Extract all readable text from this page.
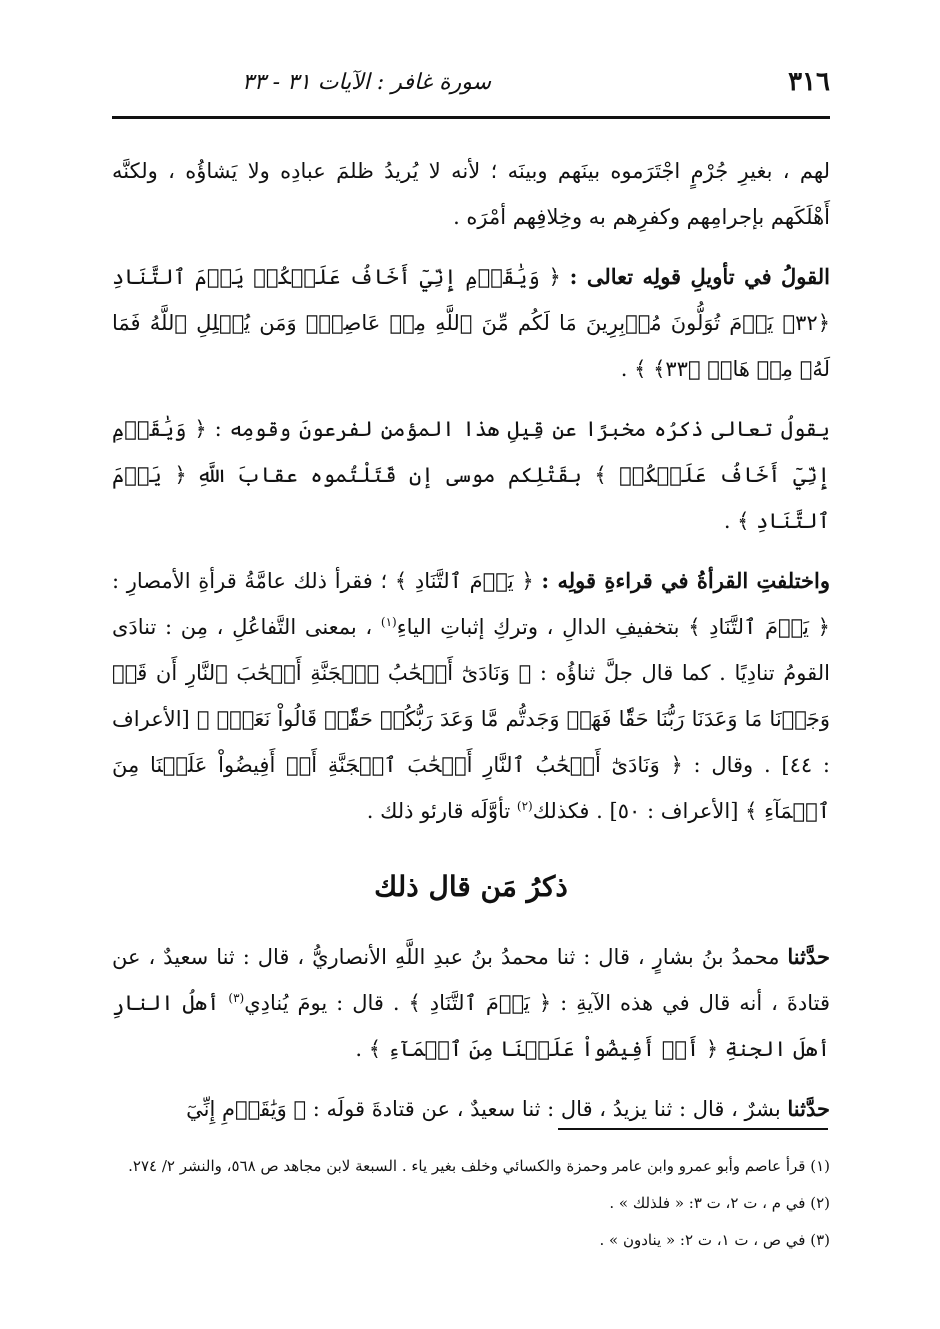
٣١٦
سورة غافر : الآيات ٣١ - ٣٣

لهم ، بغيرِ جُرْمٍ اجْتَرَموه بينَهم وبينَه ؛ لأنه لا يُريدُ ظلمَ عبادِه ولا يَشاؤُه ، ولكنَّه أَهْلَكَهم بإجرامِهم وكفرِهم به وخِلافِهم أمْرَه .

القولُ في تأويلِ قولِه تعالى : ﴿ وَيَٰقَوۡمِ إِنِّيٓ أَخَافُ عَلَيۡكُمۡ يَوۡمَ ٱلتَّنَادِ ﴿٣٢﴾ يَوۡمَ تُوَلُّونَ مُدۡبِرِينَ مَا لَكُم مِّنَ ٱللَّهِ مِنۡ عَاصِمٖۗ وَمَن يُضۡلِلِ ٱللَّهُ فَمَا لَهُۥ مِنۡ هَادٖ ﴿٣٣﴾ ﴾ .

يقولُ تعالى ذكرُه مخبرًا عن قِيلِ هذا المؤمنِ لفرعونَ وقومِه : ﴿ وَيَٰقَوۡمِ إِنِّيٓ أَخَافُ عَلَيۡكُمۡ ﴾ بقَتْلِكم موسى إن قَتَلْتُموه عقابَ اللَّهِ ﴿ يَوۡمَ ٱلتَّنَادِ ﴾ .

واختلفتِ القرأةُ في قراءةِ قولِه : ﴿ يَوۡمَ ٱلتَّنَادِ ﴾ ؛ فقرأ ذلك عامَّةُ قرأةِ الأمصارِ : ﴿ يَوۡمَ ٱلتَّنَادِ ﴾ بتخفيفِ الدالِ ، وتركِ إثباتِ الياءِ$^{(١)}$ ، بمعنى التَّفاعُلِ ، مِن : تنادَى القومُ تنادِيًا . كما قال جلَّ ثناؤُه : ﴿ وَنَادَىٰٓ أَصۡحَٰبُ ٱلۡجَنَّةِ أَصۡحَٰبَ ٱلنَّارِ أَن قَدۡ وَجَدۡنَا مَا وَعَدَنَا رَبُّنَا حَقّٗا فَهَلۡ وَجَدتُّم مَّا وَعَدَ رَبُّكُمۡ حَقّٗاۖ قَالُواْ نَعَمۡۚ ﴾ [الأعراف : ٤٤] . وقال : ﴿ وَنَادَىٰٓ أَصۡحَٰبُ ٱلنَّارِ أَصۡحَٰبَ ٱلۡجَنَّةِ أَنۡ أَفِيضُواْ عَلَيۡنَا مِنَ ٱلۡمَآءِ ﴾ [الأعراف : ٥٠] . فكذلك$^{(٢)}$ تأوَّلَه قارئو ذلك .

ذكرُ مَن قال ذلك

حدَّثنا محمدُ بنُ بشارٍ ، قال : ثنا محمدُ بنُ عبدِ اللَّهِ الأنصاريُّ ، قال : ثنا سعيدٌ ، عن قتادةَ ، أنه قال في هذه الآيةِ : ﴿ يَوۡمَ ٱلتَّنَادِ ﴾ . قال : يومَ يُنادِي$^{(٣)}$ أهلُ النارِ أهلَ الجنةِ ﴿ أَنۡ أَفِيضُواْ عَلَيۡنَا مِنَ ٱلۡمَآءِ ﴾ .

حدَّثنا بشرٌ ، قال : ثنا يزيدُ ، قال : ثنا سعيدٌ ، عن قتادةَ قولَه : ﴿ وَيَٰقَوۡمِ إِنِّيٓ

(١) قرأ عاصم وأبو عمرو وابن عامر وحمزة والكسائي وخلف بغير ياء . السبعة لابن مجاهد ص ٥٦٨، والنشر ٢/ ٢٧٤.

(٢) في م ، ت ٢، ت ٣: « فلذلك » .

(٣) في ص ، ت ١، ت ٢: « ينادون » .
